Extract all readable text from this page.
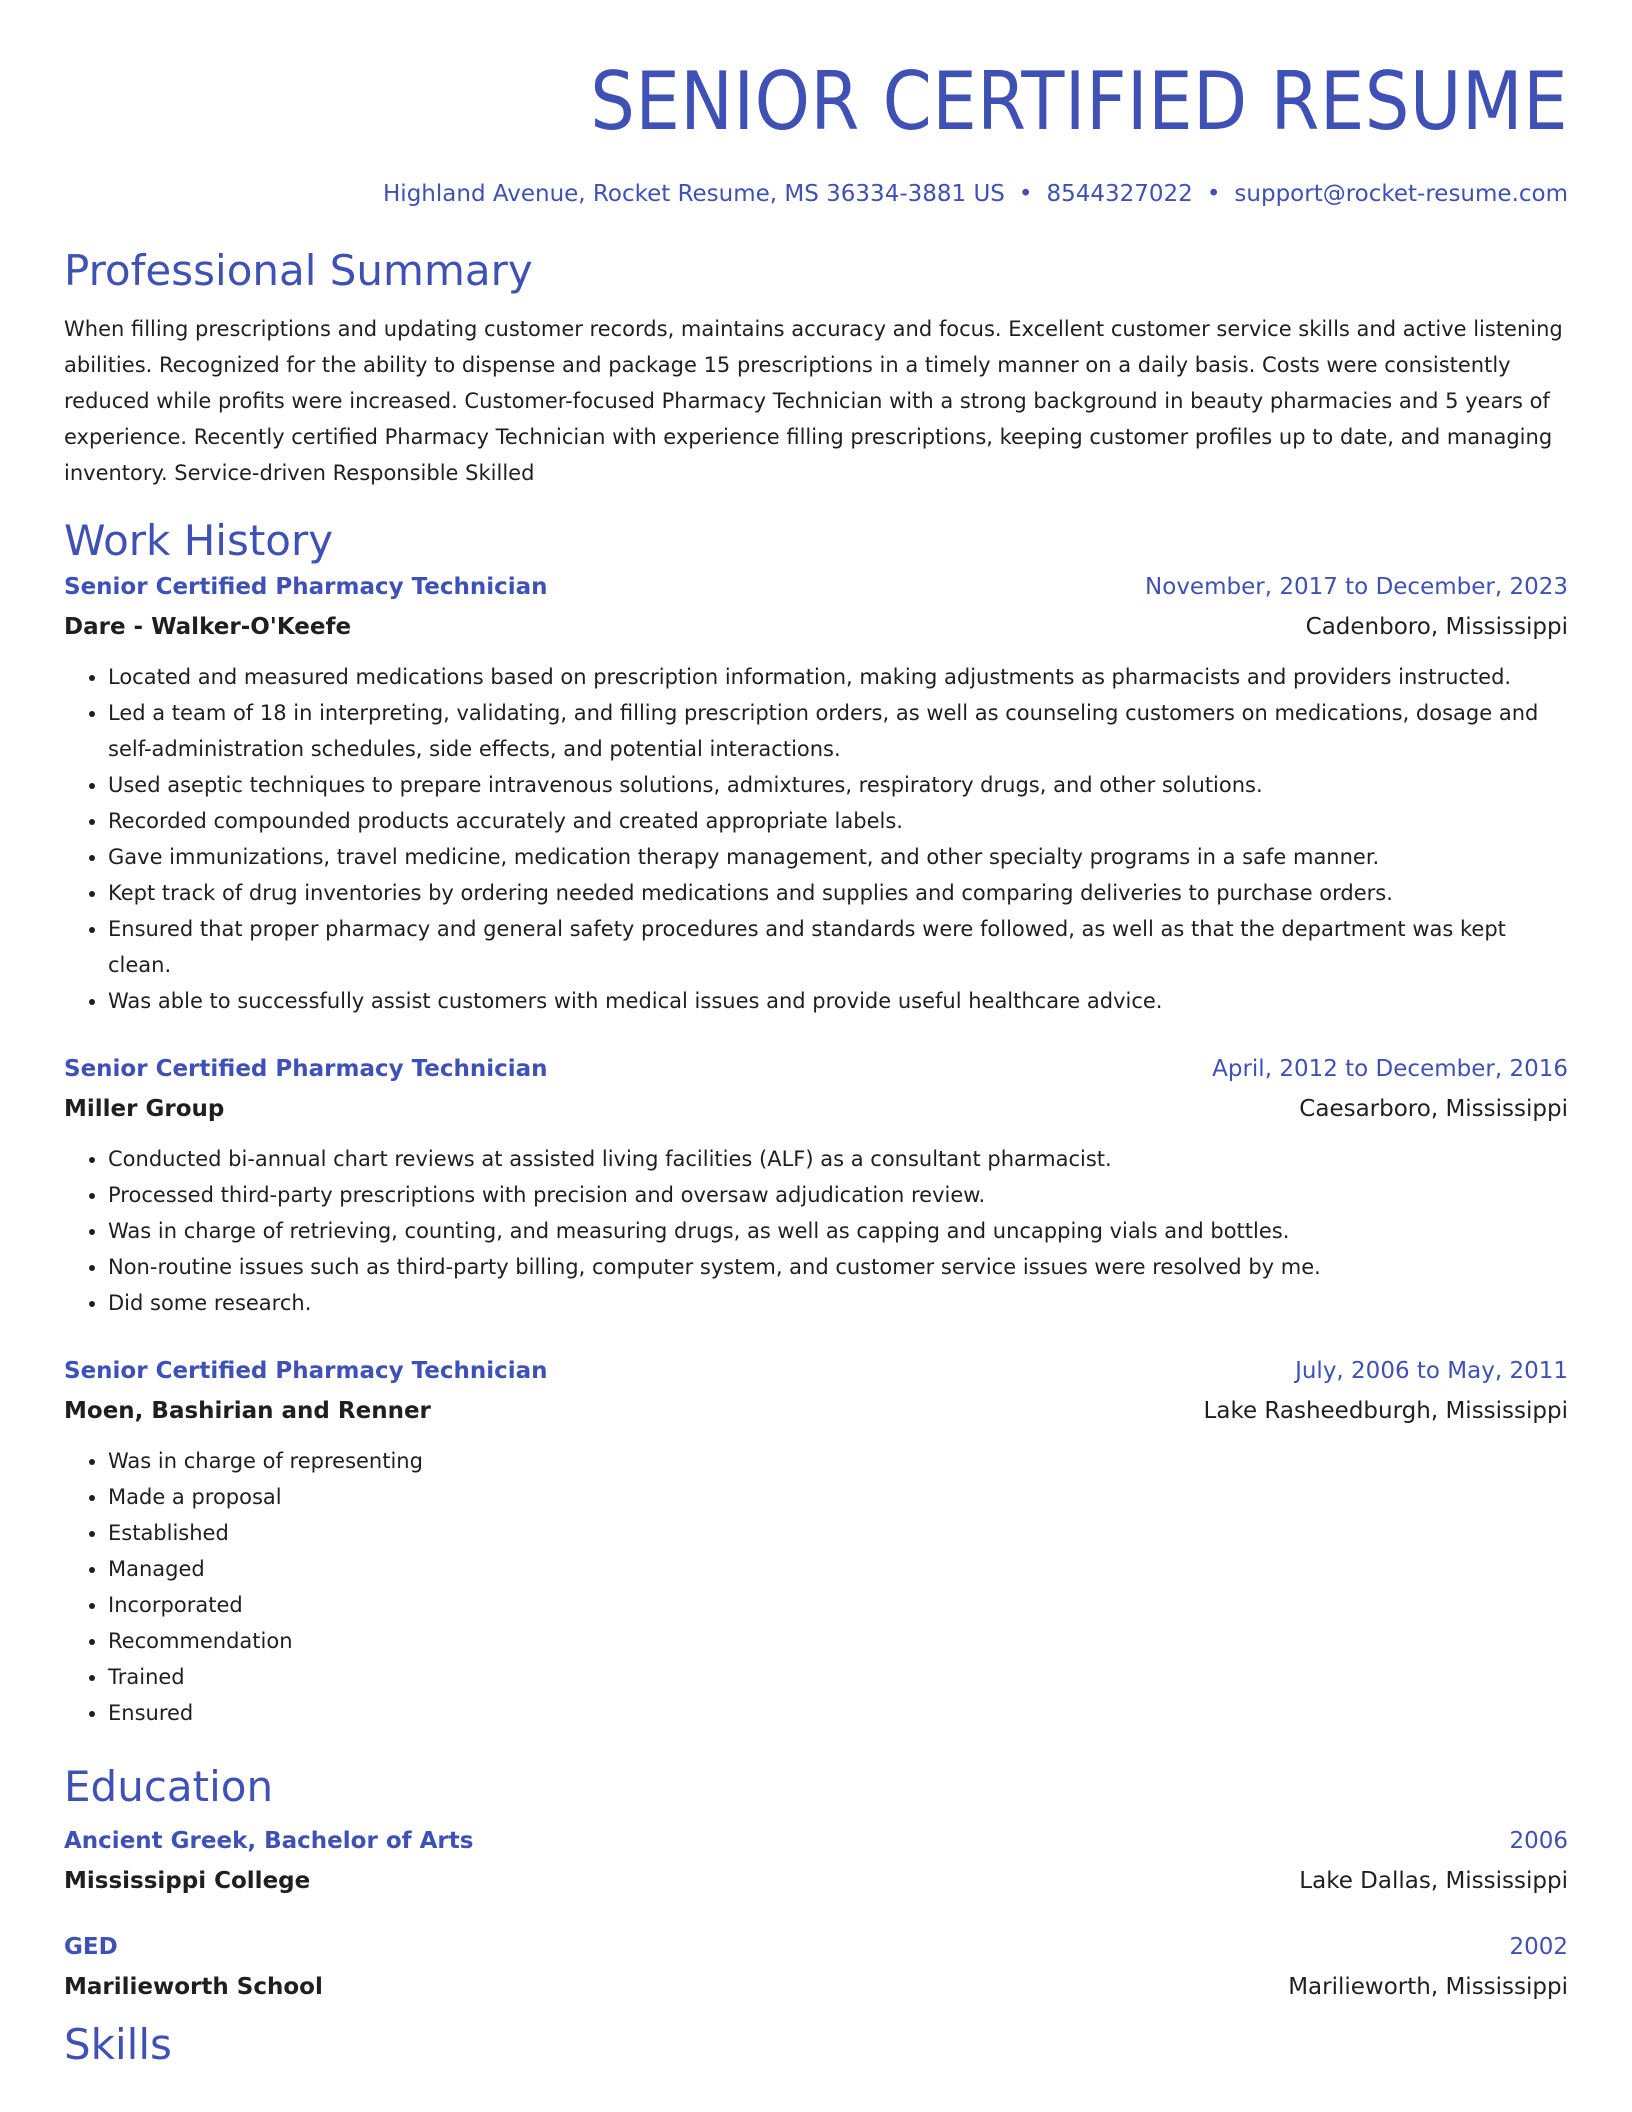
SENIOR CERTIFIED RESUME
Highland Avenue, Rocket Resume, MS 36334-3881 US • 8544327022 • support@rocket-resume.com
Professional Summary
When filling prescriptions and updating customer records, maintains accuracy and focus. Excellent customer service skills and active listening abilities. Recognized for the ability to dispense and package 15 prescriptions in a timely manner on a daily basis. Costs were consistently reduced while profits were increased. Customer-focused Pharmacy Technician with a strong background in beauty pharmacies and 5 years of experience. Recently certified Pharmacy Technician with experience filling prescriptions, keeping customer profiles up to date, and managing inventory. Service-driven Responsible Skilled
Work History
Senior Certified Pharmacy Technician	November, 2017 to December, 2023
Dare - Walker-O'Keefe	Cadenboro, Mississippi
• Located and measured medications based on prescription information, making adjustments as pharmacists and providers instructed.
• Led a team of 18 in interpreting, validating, and filling prescription orders, as well as counseling customers on medications, dosage and self-administration schedules, side effects, and potential interactions.
• Used aseptic techniques to prepare intravenous solutions, admixtures, respiratory drugs, and other solutions.
• Recorded compounded products accurately and created appropriate labels.
• Gave immunizations, travel medicine, medication therapy management, and other specialty programs in a safe manner.
• Kept track of drug inventories by ordering needed medications and supplies and comparing deliveries to purchase orders.
• Ensured that proper pharmacy and general safety procedures and standards were followed, as well as that the department was kept clean.
• Was able to successfully assist customers with medical issues and provide useful healthcare advice.
Senior Certified Pharmacy Technician	April, 2012 to December, 2016
Miller Group	Caesarboro, Mississippi
• Conducted bi-annual chart reviews at assisted living facilities (ALF) as a consultant pharmacist.
• Processed third-party prescriptions with precision and oversaw adjudication review.
• Was in charge of retrieving, counting, and measuring drugs, as well as capping and uncapping vials and bottles.
• Non-routine issues such as third-party billing, computer system, and customer service issues were resolved by me.
• Did some research.
Senior Certified Pharmacy Technician	July, 2006 to May, 2011
Moen, Bashirian and Renner	Lake Rasheedburgh, Mississippi
• Was in charge of representing
• Made a proposal
• Established
• Managed
• Incorporated
• Recommendation
• Trained
• Ensured
Education
Ancient Greek, Bachelor of Arts	2006
Mississippi College	Lake Dallas, Mississippi
GED	2002
Marilieworth School	Marilieworth, Mississippi
Skills
